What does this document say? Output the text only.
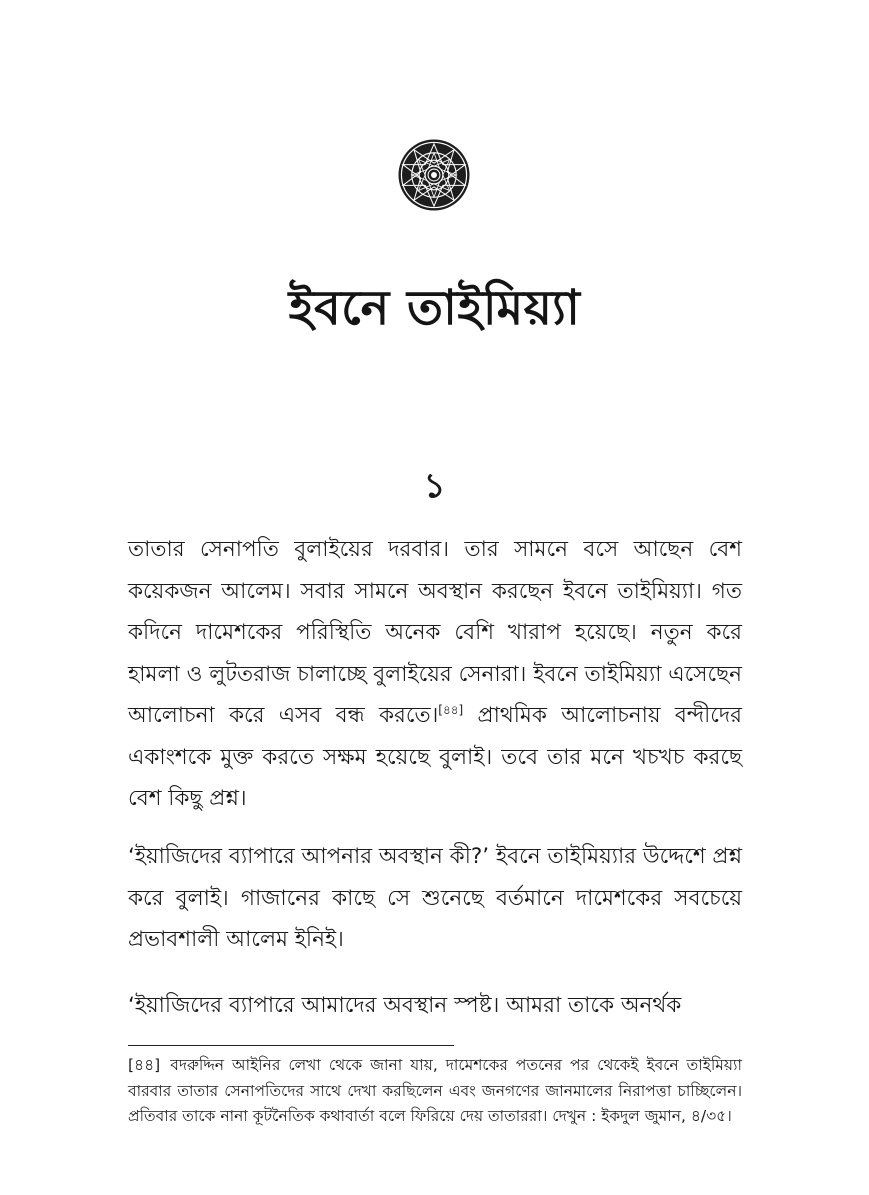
ইবনে তাইমিয়্যা
১

তাতার সেনাপতি বুলাইয়ের দরবার। তার সামনে বসে আছেন বেশ কয়েকজন আলেম। সবার সামনে অবস্থান করছেন ইবনে তাইমিয়্যা। গত কদিনে দামেশকের পরিস্থিতি অনেক বেশি খারাপ হয়েছে। নতুন করে হামলা ও লুটতরাজ চালাচ্ছে বুলাইয়ের সেনারা। ইবনে তাইমিয়্যা এসেছেন আলোচনা করে এসব বন্ধ করতে।[৪৪] প্রাথমিক আলোচনায় বন্দীদের একাংশকে মুক্ত করতে সক্ষম হয়েছে বুলাই। তবে তার মনে খচখচ করছে বেশ কিছু প্রশ্ন।

‘ইয়াজিদের ব্যাপারে আপনার অবস্থান কী?’ ইবনে তাইমিয়্যার উদ্দেশে প্রশ্ন করে বুলাই। গাজানের কাছে সে শুনেছে বর্তমানে দামেশকের সবচেয়ে প্রভাবশালী আলেম ইনিই।

‘ইয়াজিদের ব্যাপারে আমাদের অবস্থান স্পষ্ট। আমরা তাকে অনর্থক

[৪৪] বদরুদ্দিন আইনির লেখা থেকে জানা যায়, দামেশকের পতনের পর থেকেই ইবনে তাইমিয়্যা বারবার তাতার সেনাপতিদের সাথে দেখা করছিলেন এবং জনগণের জানমালের নিরাপত্তা চাচ্ছিলেন। প্রতিবার তাকে নানা কূটনৈতিক কথাবার্তা বলে ফিরিয়ে দেয় তাতাররা। দেখুন : ইকদুল জুমান, ৪/৩৫।
